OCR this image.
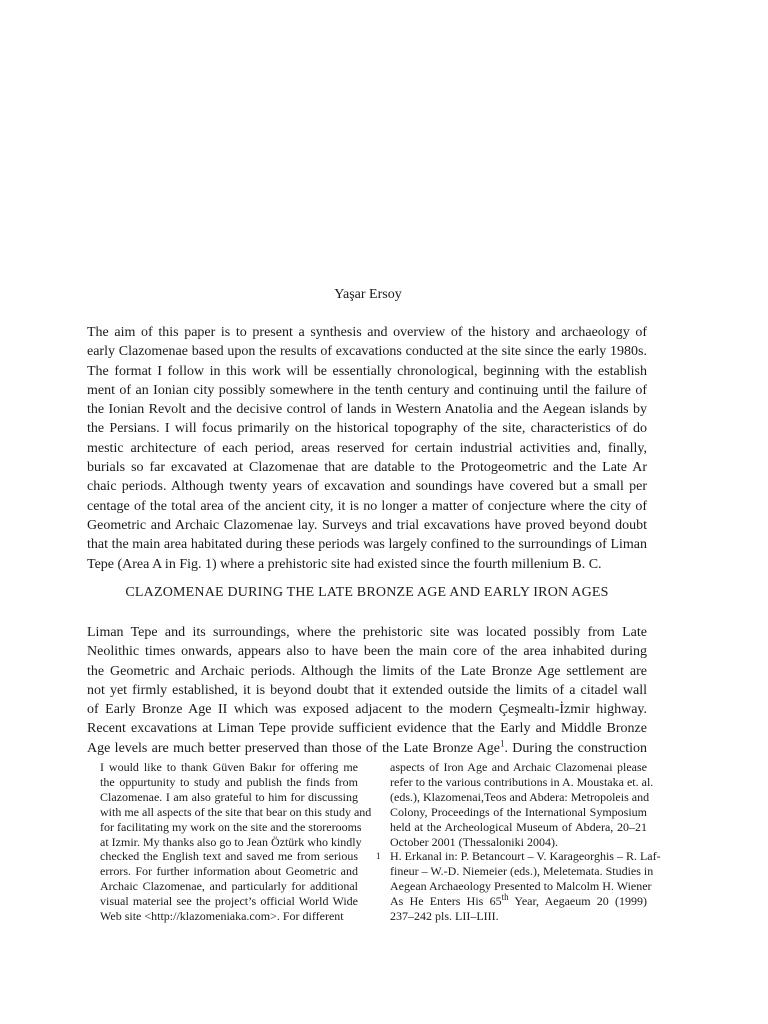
Yaşar Ersoy
The aim of this paper is to present a synthesis and overview of the history and archaeology of
early Clazomenae based upon the results of excavations conducted at the site since the early 1980s.
The format I follow in this work will be essentially chronological, beginning with the establish
ment of an Ionian city possibly somewhere in the tenth century and continuing until the failure of
the Ionian Revolt and the decisive control of lands in Western Anatolia and the Aegean islands by
the Persians. I will focus primarily on the historical topography of the site, characteristics of do
mestic architecture of each period, areas reserved for certain industrial activities and, finally,
burials so far excavated at Clazomenae that are datable to the Protogeometric and the Late Ar
chaic periods. Although twenty years of excavation and soundings have covered but a small per
centage of the total area of the ancient city, it is no longer a matter of conjecture where the city of
Geometric and Archaic Clazomenae lay. Surveys and trial excavations have proved beyond doubt
that the main area habitated during these periods was largely confined to the surroundings of Liman
Tepe (Area A in Fig. 1) where a prehistoric site had existed since the fourth millenium B. C.
CLAZOMENAE DURING THE LATE BRONZE AGE AND EARLY IRON AGES
Liman Tepe and its surroundings, where the prehistoric site was located possibly from Late
Neolithic times onwards, appears also to have been the main core of the area inhabited during
the Geometric and Archaic periods. Although the limits of the Late Bronze Age settlement are
not yet firmly established, it is beyond doubt that it extended outside the limits of a citadel wall
of Early Bronze Age II which was exposed adjacent to the modern Çeşmealtı-İzmir highway.
Recent excavations at Liman Tepe provide sufficient evidence that the Early and Middle Bronze
Age levels are much better preserved than those of the Late Bronze Age$^1$. During the construction
I would like to thank Güven Bakır for offering me
the oppurtunity to study and publish the finds from
Clazomenae. I am also grateful to him for discussing
with me all aspects of the site that bear on this study and
for facilitating my work on the site and the storerooms
at Izmir. My thanks also go to Jean Öztürk who kindly
checked the English text and saved me from serious
errors. For further information about Geometric and
Archaic Clazomenae, and particularly for additional
visual material see the project’s official World Wide
Web site <http://klazomeniaka.com>. For different
aspects of Iron Age and Archaic Clazomenai please
refer to the various contributions in A. Moustaka et. al.
(eds.), Klazomenai,Teos and Abdera: Metropoleis and
Colony, Proceedings of the International Symposium
held at the Archeological Museum of Abdera, 20–21
October 2001 (Thessaloniki 2004).
1 H. Erkanal in: P. Betancourt – V. Karageorghis – R. Laf-
fineur – W.-D. Niemeier (eds.), Meletemata. Studies in
Aegean Archaeology Presented to Malcolm H. Wiener
As He Enters His 65th Year, Aegaeum 20 (1999)
237–242 pls. LII–LIII.
